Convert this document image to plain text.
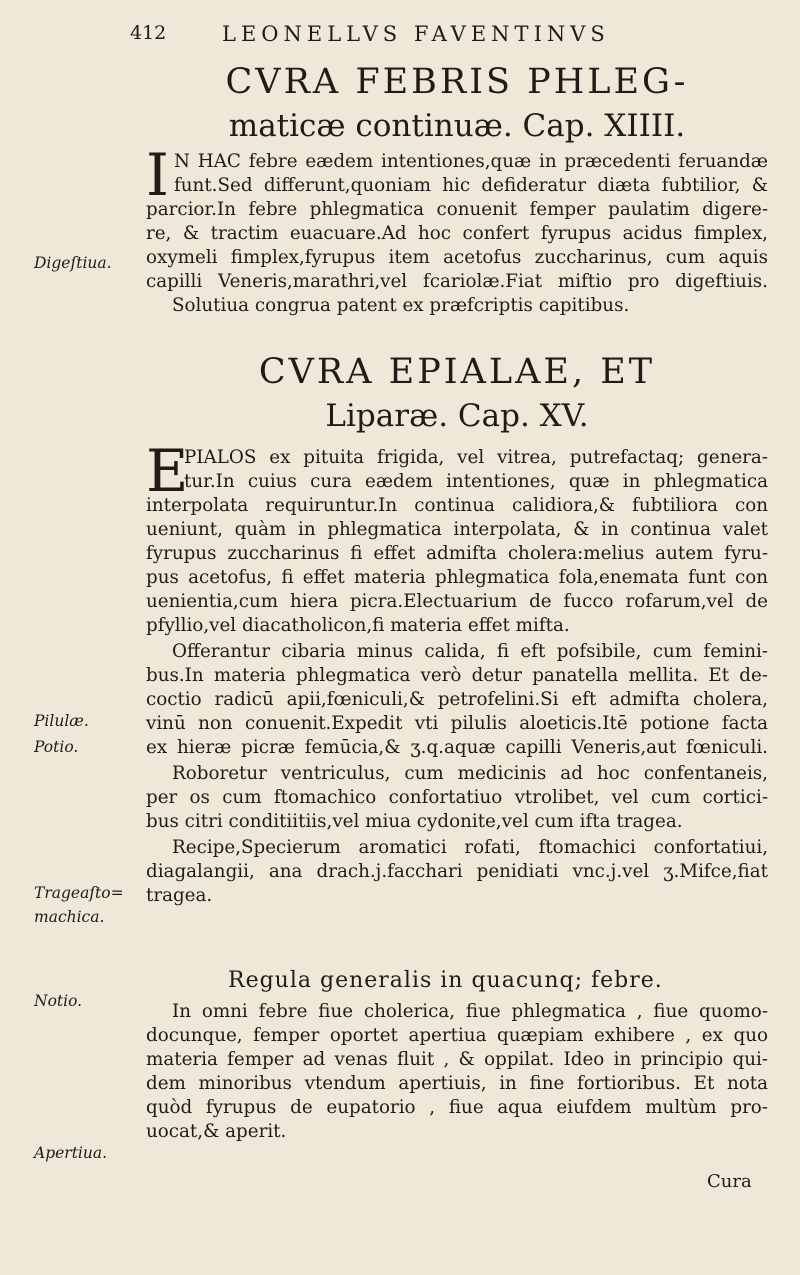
412	LEONELLVS FAVENTINVS
CVRA FEBRIS PHLEG-
maticæ continuæ. Cap. XIIII.
I N HAC febre eædem intentiones,quæ in præcedenti feruandæ
funt.Sed differunt,quoniam hic defideratur diæta fubtilior, &
parcior.In febre phlegmatica conuenit femper paulatim digere-
re, & tractim euacuare.Ad hoc confert fyrupus acidus fimplex,
oxymeli fimplex,fyrupus item acetofus zuccharinus, cum aquis
capilli Veneris,marathri,vel fcariolæ.Fiat miftio pro digeftiuis.
Solutiua congrua patent ex præfcriptis capitibus.
CVRA EPIALAE, ET
Liparæ. Cap. XV.
E
PIALOS ex pituita frigida, vel vitrea, putrefactaq; genera-
tur.In cuius cura eædem intentiones, quæ in phlegmatica
interpolata requiruntur.In continua calidiora,& fubtiliora con
ueniunt, quàm in phlegmatica interpolata, & in continua valet
fyrupus zuccharinus fi effet admifta cholera:melius autem fyru-
pus acetofus, fi effet materia phlegmatica fola,enemata funt con
uenientia,cum hiera picra.Electuarium de fucco rofarum,vel de
pfyllio,vel diacatholicon,fi materia effet mifta.
Offerantur cibaria minus calida, fi eft pofsibile, cum femini-
bus.In materia phlegmatica verò detur panatella mellita. Et de-
coctio radicū apii,fœniculi,& petrofelini.Si eft admifta cholera,
vinū non conuenit.Expedit vti pilulis aloeticis.Itē potione facta
ex hieræ picræ femūcia,& ʒ.q.aquæ capilli Veneris,aut fœniculi.
Roboretur ventriculus, cum medicinis ad hoc confentaneis,
per os cum ftomachico confortatiuo vtrolibet, vel cum cortici-
bus citri conditiitiis,vel miua cydonite,vel cum ifta tragea.
Recipe,Specierum aromatici rofati, ftomachici confortatiui,
diagalangii, ana drach.j.facchari penidiati vnc.j.vel ʒ.Mifce,fiat
tragea.
Regula generalis in quacunq; febre.
In omni febre fiue cholerica, fiue phlegmatica , fiue quomo-
docunque, femper oportet apertiua quæpiam exhibere , ex quo
materia femper ad venas fluit , & oppilat. Ideo in principio qui-
dem minoribus vtendum apertiuis, in fine fortioribus. Et nota
quòd fyrupus de eupatorio , fiue aqua eiufdem multùm pro-
uocat,& aperit.
Digeſtiua.
Pilulæ.
Potio.
Trageaſto=
machica.
Notio.
Apertiua.
Cura
